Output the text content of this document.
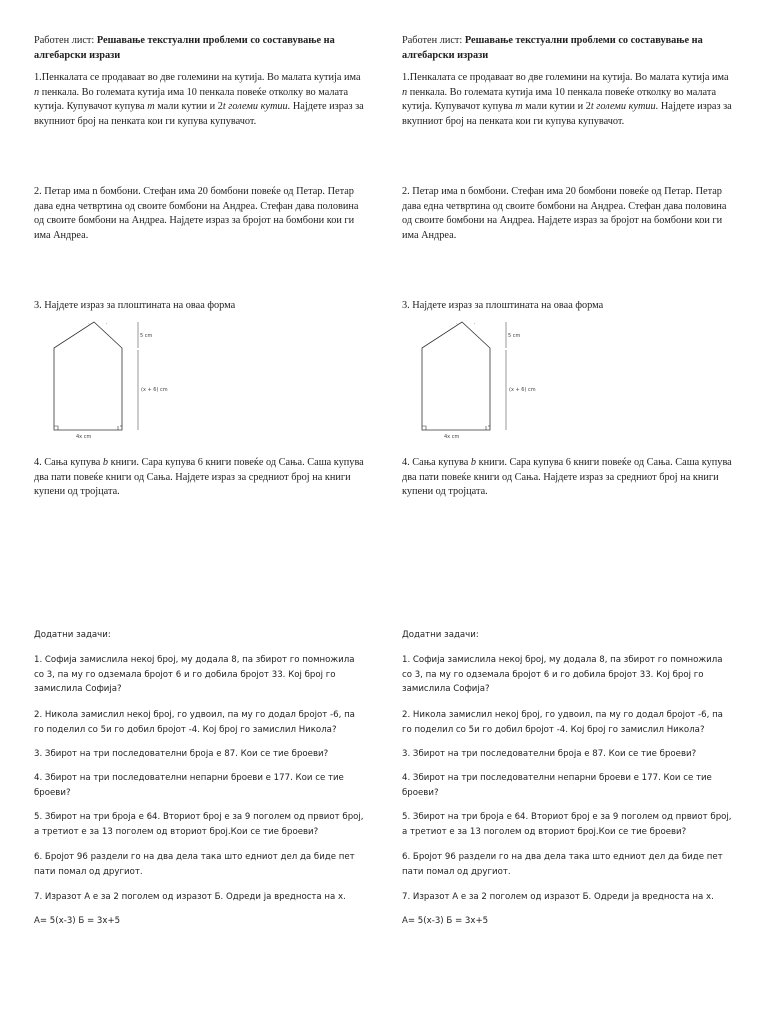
Работен лист: Решавање текстуални проблеми со составување на алгебарски изрази
1.Пенкалата се продаваат во две големини на кутија. Во малата кутија има n пенкала. Во големата кутија има 10 пенкала повеќе отколку во малата кутија. Купувачот купува m мали кутии и 2t големи кутии. Најдете израз за вкупниот број на пенката кои ги купува купувачот.
2. Петар има n бомбони. Стефан има 20 бомбони повеќе од Петар. Петар дава една четвртина од своите бомбони на Андреа. Стефан дава половина од своите бомбони на Андреа. Најдете израз за бројот на бомбони кои ги има Андреа.
3. Најдете израз за плоштината на оваа форма
5 cm
(x + 6) cm
4x cm
.	.
4. Сања купува b книги. Сара купува 6 книги повеќе од Сања. Саша купува два пати повеќе книги од Сања. Најдете израз за средниот број на книги купени од тројцата.
Додатни задачи:
1. Софија замислила некој број, му додала 8, па збирот го помножила со 3, па му го одземала бројот 6 и го добила бројот 33. Кој број го замислила Софија?
2. Никола замислил некој број, го удвоил, па му го додал бројот -6, па го поделил со 5и го добил бројот -4. Кој број го замислил Никола?
3. Збирот на три последователни броја е 87. Кои се тие броеви?
4. Збирот на три последователни непарни броеви е 177. Кои се тие броеви?
5. Збирот на три броја е 64. Вториот број е за 9 поголем од првиот број, а третиот е за 13 поголем од вториот број.Кои се тие броеви?
6. Бројот 96 раздели го на два дела така што едниот дел да биде пет пати помал од другиот.
7. Изразот А е за 2 поголем од изразот Б. Одреди ја вредноста на x.
А= 5(x-3) Б = 3x+5
Работен лист: Решавање текстуални проблеми со составување на алгебарски изрази
1.Пенкалата се продаваат во две големини на кутија. Во малата кутија има n пенкала. Во големата кутија има 10 пенкала повеќе отколку во малата кутија. Купувачот купува m мали кутии и 2t големи кутии. Најдете израз за вкупниот број на пенката кои ги купува купувачот.
2. Петар има n бомбони. Стефан има 20 бомбони повеќе од Петар. Петар дава една четвртина од своите бомбони на Андреа. Стефан дава половина од своите бомбони на Андреа. Најдете израз за бројот на бомбони кои ги има Андреа.
3. Најдете израз за плоштината на оваа форма
5 cm
(x + 6) cm
4x cm
.	.
4. Сања купува b книги. Сара купува 6 книги повеќе од Сања. Саша купува два пати повеќе книги од Сања. Најдете израз за средниот број на книги купени од тројцата.
Додатни задачи:
1. Софија замислила некој број, му додала 8, па збирот го помножила со 3, па му го одземала бројот 6 и го добила бројот 33. Кој број го замислила Софија?
2. Никола замислил некој број, го удвоил, па му го додал бројот -6, па го поделил со 5и го добил бројот -4. Кој број го замислил Никола?
3. Збирот на три последователни броја е 87. Кои се тие броеви?
4. Збирот на три последователни непарни броеви е 177. Кои се тие броеви?
5. Збирот на три броја е 64. Вториот број е за 9 поголем од првиот број, а третиот е за 13 поголем од вториот број.Кои се тие броеви?
6. Бројот 96 раздели го на два дела така што едниот дел да биде пет пати помал од другиот.
7. Изразот А е за 2 поголем од изразот Б. Одреди ја вредноста на x.
А= 5(x-3) Б = 3x+5
